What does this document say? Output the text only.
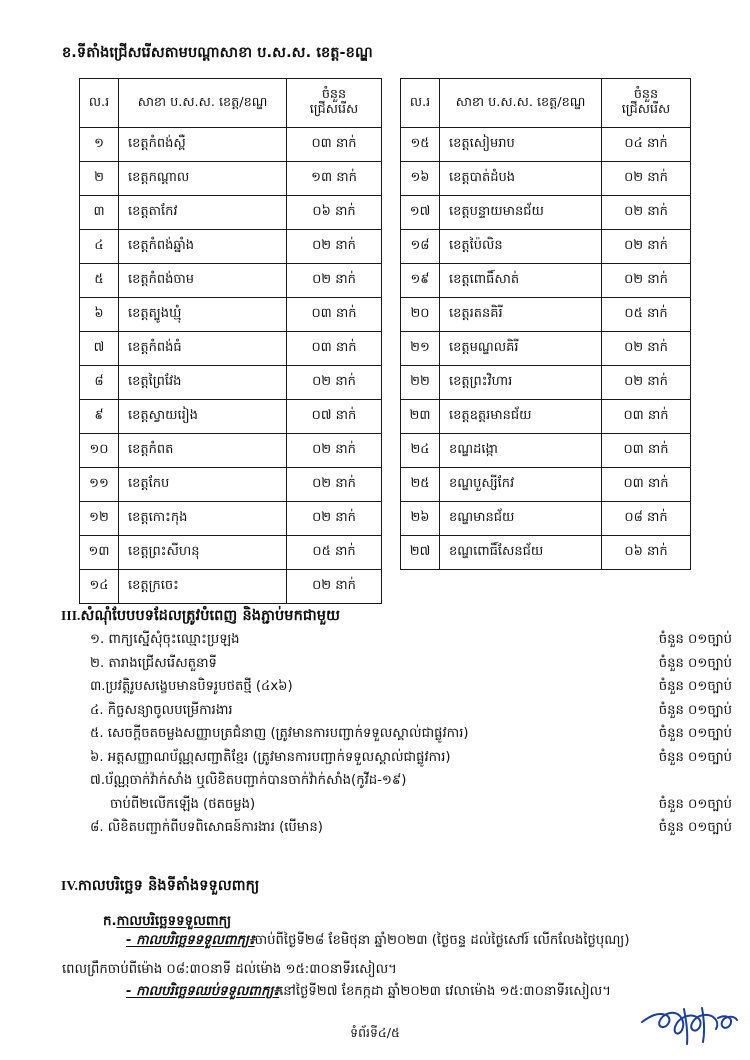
ខ.ទីតាំងជ្រើសរើសតាមបណ្ដាសាខា ប.ស.ស. ខេត្ត-ខណ្ឌ
ល.រ	សាខា ប.ស.ស. ខេត្ត/ខណ្ឌ	ចំនួន
ជ្រើសរើស

១	ខេត្តកំពង់ស្ពឺ	០៣ នាក់
២	ខេត្តកណ្ដាល	១៣ នាក់
៣	ខេត្តតាកែវ	០៦ នាក់
៤	ខេត្តកំពង់ឆ្នាំង	០២ នាក់
៥	ខេត្តកំពង់ចាម	០២ នាក់
៦	ខេត្តត្បូងឃ្មុំ	០៣ នាក់
៧	ខេត្តកំពង់ធំ	០៣ នាក់
៨	ខេត្តព្រៃវែង	០២ នាក់
៩	ខេត្តស្វាយរៀង	០៧ នាក់
១០	ខេត្តកំពត	០២ នាក់
១១	ខេត្តកែប	០២ នាក់
១២	ខេត្តកោះកុង	០២ នាក់
១៣	ខេត្តព្រះសីហនុ	០៥ នាក់
១៤	ខេត្តក្រចេះ	០២ នាក់
ល.រ	សាខា ប.ស.ស. ខេត្ត/ខណ្ឌ	ចំនួន
ជ្រើសរើស

១៥	ខេត្តសៀមរាប	០៤ នាក់
១៦	ខេត្តបាត់ដំបង	០២ នាក់
១៧	ខេត្តបន្ទាយមានជ័យ	០២ នាក់
១៨	ខេត្តប៉ៃលិន	០២ នាក់
១៩	ខេត្តពោធិ៍សាត់	០២ នាក់
២០	ខេត្តរតនគិរី	០៥ នាក់
២១	ខេត្តមណ្ឌលគិរី	០២ នាក់
២២	ខេត្តព្រះវិហារ	០២ នាក់
២៣	ខេត្តឧត្តរមានជ័យ	០៣ នាក់
២៤	ខណ្ឌដង្កោ	០៣ នាក់
២៥	ខណ្ឌបួស្សីកែវ	០៣ នាក់
២៦	ខណ្ឌមានជ័យ	០៨ នាក់
២៧	ខណ្ឌពោធិ៍សែនជ័យ	០៦ នាក់
III.សំណុំបែបបទដែលត្រូវបំពេញ និងភ្ជាប់មកជាមួយ
១. ពាក្យស្នើសុំចុះឈ្មោះប្រឡង	ចំនួន ០១ច្បាប់
២. តារាងជ្រើសរើសតួនាទី	ចំនួន ០១ច្បាប់
៣.ប្រវត្តិរូបសង្ខេបមានបិទរូបថតថ្មី (៤x៦)	ចំនួន ០១ច្បាប់
៤. កិច្ចសន្យាចូលបម្រើការងារ	ចំនួន ០១ច្បាប់
៥. សេចក្ដីចតចម្លងសញ្ញាបត្រជំនាញ (ត្រូវមានការបញ្ជាក់ទទួលស្គាល់ជាផ្លូវការ)	ចំនួន ០១ច្បាប់
៦. អត្តសញ្ញាណប័ណ្ណសញ្ជាតិខ្មែរ (ត្រូវមានការបញ្ជាក់ទទួលស្គាល់ជាផ្លូវការ)	ចំនួន ០១ច្បាប់
៧.ប័ណ្ណចាក់វ៉ាក់សាំង ឬលិខិតបញ្ជាក់បានចាក់វ៉ាក់សាំង(កូវីដ-១៩)
ចាប់ពី២លើកឡើង (ថតចម្លង)	ចំនួន ០១ច្បាប់
៨. លិខិតបញ្ជាក់ពីបទពិសោធន៍ការងារ (បើមាន)	ចំនួន ០១ច្បាប់
IV.កាលបរិច្ឆេទ និងទីតាំងទទួលពាក្យ
ក.កាលបរិច្ឆេទទទួលពាក្យ
- កាលបរិច្ឆេទទទួលពាក្យ៖ចាប់ពីថ្ងៃទី២៨ ខែមិថុនា ឆ្នាំ២០២៣ (ថ្ងៃចន្ទ ដល់ថ្ងៃសៅរ៍ លើកលែងថ្ងៃបុណ្យ)
ពេលព្រឹកចាប់ពីម៉ោង ០៨:៣០នាទី ដល់ម៉ោង ១៥:៣០នាទីរសៀល។
- កាលបរិច្ឆេទឈប់ទទួលពាក្យ៖នៅថ្ងៃទី២៧ ខែកក្កដា ឆ្នាំ២០២៣ វេលាម៉ោង ១៥:៣០នាទីរសៀល។
ទំព័រទី៤/៥
